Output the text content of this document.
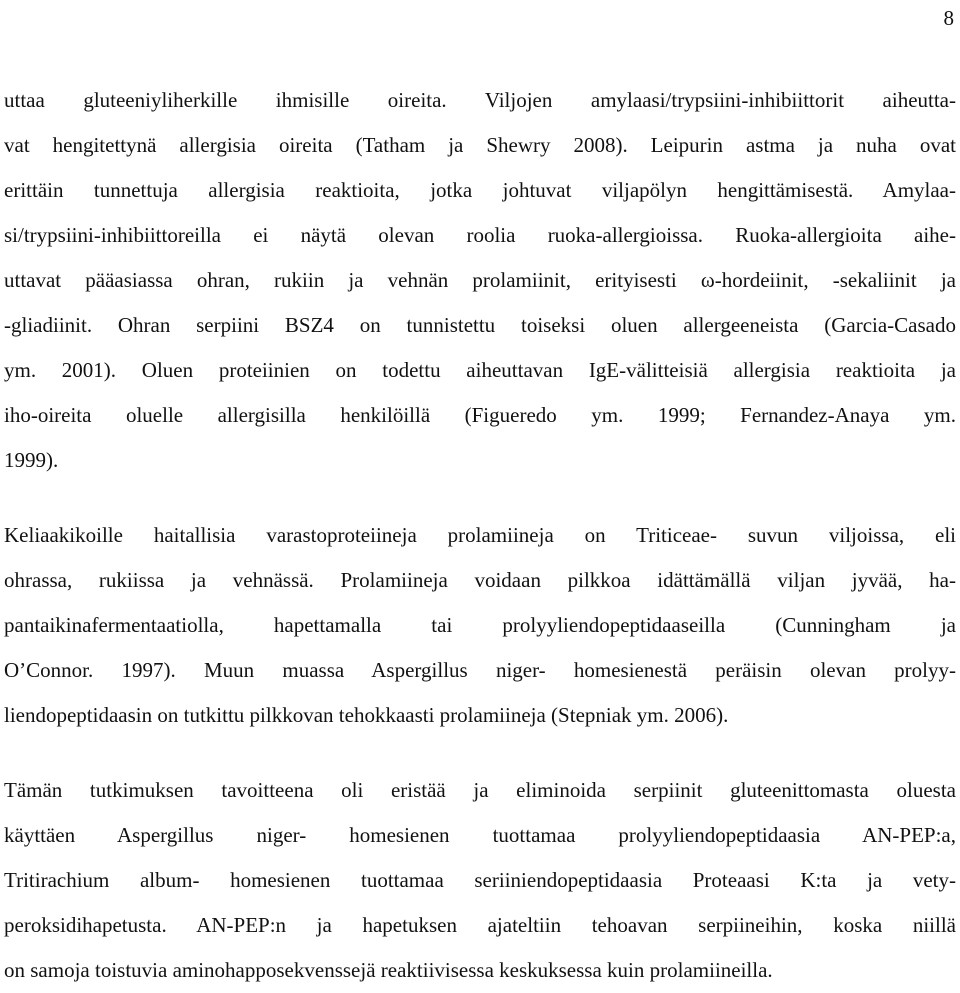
8
uttaa gluteeniyliherkille ihmisille oireita. Viljojen amylaasi/trypsiini-inhibiittorit aiheutta-
vat hengitettynä allergisia oireita (Tatham ja Shewry 2008). Leipurin astma ja nuha ovat
erittäin tunnettuja allergisia reaktioita, jotka johtuvat viljapölyn hengittämisestä. Amylaa-
si/trypsiini-inhibiittoreilla ei näytä olevan roolia ruoka-allergioissa. Ruoka-allergioita aihe-
uttavat pääasiassa ohran, rukiin ja vehnän prolamiinit, erityisesti ω-hordeiinit, -sekaliinit ja
-gliadiinit. Ohran serpiini BSZ4 on tunnistettu toiseksi oluen allergeeneista (Garcia-Casado
ym. 2001). Oluen proteiinien on todettu aiheuttavan IgE-välitteisiä allergisia reaktioita ja
iho-oireita oluelle allergisilla henkilöillä (Figueredo ym. 1999; Fernandez-Anaya ym.
1999).
Keliaakikoille haitallisia varastoproteiineja prolamiineja on Triticeae- suvun viljoissa, eli
ohrassa, rukiissa ja vehnässä. Prolamiineja voidaan pilkkoa idättämällä viljan jyvää, ha-
pantaikinafermentaatiolla, hapettamalla tai prolyyliendopeptidaaseilla (Cunningham ja
O’Connor. 1997). Muun muassa Aspergillus niger- homesienestä peräisin olevan prolyy-
liendopeptidaasin on tutkittu pilkkovan tehokkaasti prolamiineja (Stepniak ym. 2006).
Tämän tutkimuksen tavoitteena oli eristää ja eliminoida serpiinit gluteenittomasta oluesta
käyttäen Aspergillus niger- homesienen tuottamaa prolyyliendopeptidaasia AN-PEP:a,
Tritirachium album- homesienen tuottamaa seriiniendopeptidaasia Proteaasi K:ta ja vety-
peroksidihapetusta. AN-PEP:n ja hapetuksen ajateltiin tehoavan serpiineihin, koska niillä
on samoja toistuvia aminohapposekvenssejä reaktiivisessa keskuksessa kuin prolamiineilla.
